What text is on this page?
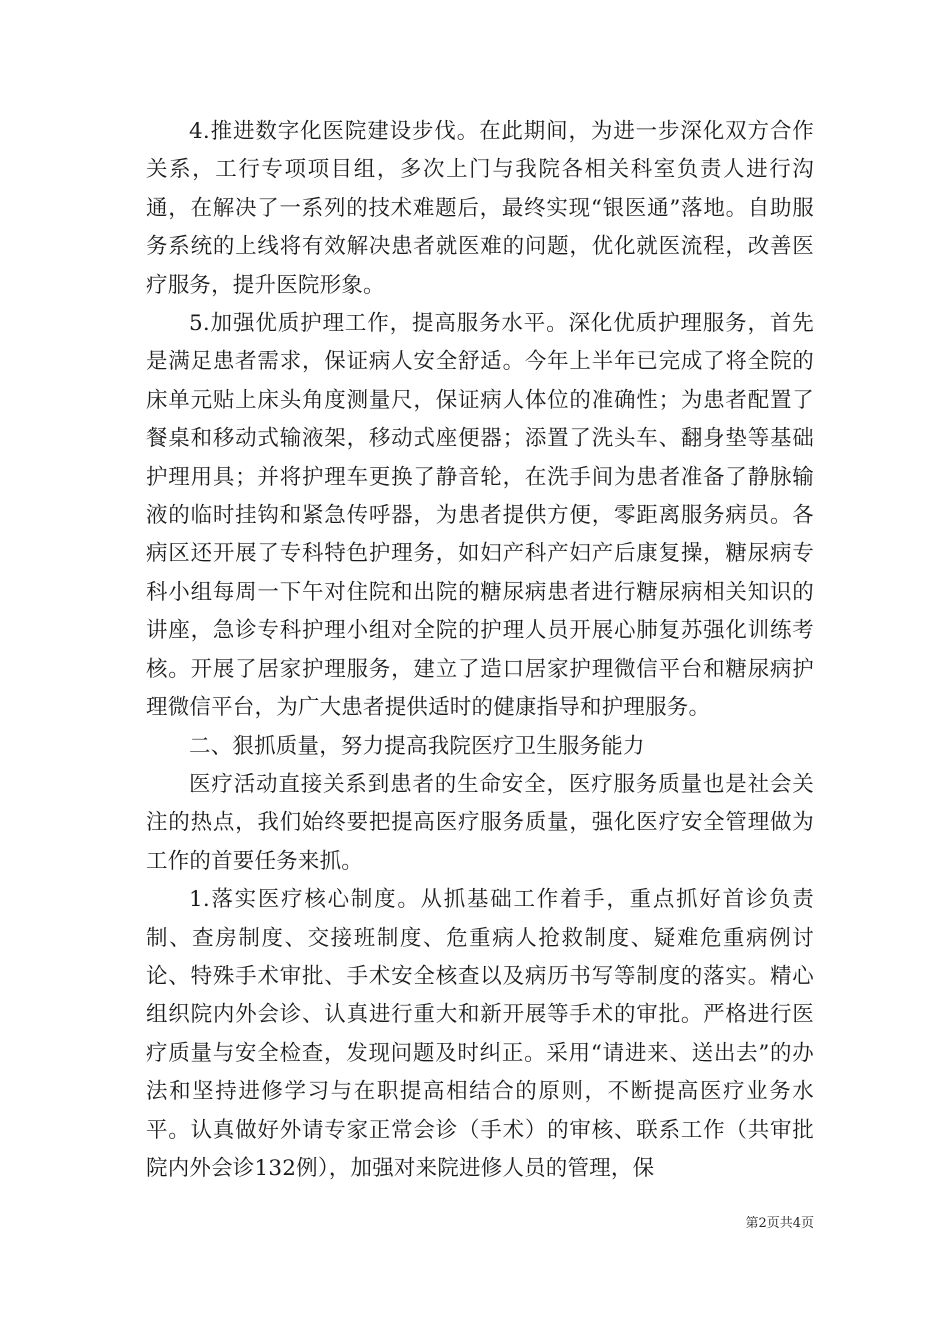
4.推进数字化医院建设步伐。在此期间，为进一步深化双方合作关系，工行专项项目组，多次上门与我院各相关科室负责人进行沟通，在解决了一系列的技术难题后，最终实现“银医通”落地。自助服务系统的上线将有效解决患者就医难的问题，优化就医流程，改善医疗服务，提升医院形象。

5.加强优质护理工作，提高服务水平。深化优质护理服务，首先是满足患者需求，保证病人安全舒适。今年上半年已完成了将全院的床单元贴上床头角度测量尺，保证病人体位的准确性；为患者配置了餐桌和移动式输液架，移动式座便器；添置了洗头车、翻身垫等基础护理用具；并将护理车更换了静音轮，在洗手间为患者准备了静脉输液的临时挂钩和紧急传呼器，为患者提供方便，零距离服务病员。各病区还开展了专科特色护理务，如妇产科产妇产后康复操，糖尿病专科小组每周一下午对住院和出院的糖尿病患者进行糖尿病相关知识的讲座，急诊专科护理小组对全院的护理人员开展心肺复苏强化训练考核。开展了居家护理服务，建立了造口居家护理微信平台和糖尿病护理微信平台，为广大患者提供适时的健康指导和护理服务。

二、狠抓质量，努力提高我院医疗卫生服务能力

医疗活动直接关系到患者的生命安全，医疗服务质量也是社会关注的热点，我们始终要把提高医疗服务质量，强化医疗安全管理做为工作的首要任务来抓。

1.落实医疗核心制度。从抓基础工作着手，重点抓好首诊负责制、查房制度、交接班制度、危重病人抢救制度、疑难危重病例讨论、特殊手术审批、手术安全核查以及病历书写等制度的落实。精心组织院内外会诊、认真进行重大和新开展等手术的审批。严格进行医疗质量与安全检查，发现问题及时纠正。采用“请进来、送出去”的办法和坚持进修学习与在职提高相结合的原则，不断提高医疗业务水平。认真做好外请专家正常会诊（手术）的审核、联系工作（共审批院内外会诊132例），加强对来院进修人员的管理，保

第2页共4页
